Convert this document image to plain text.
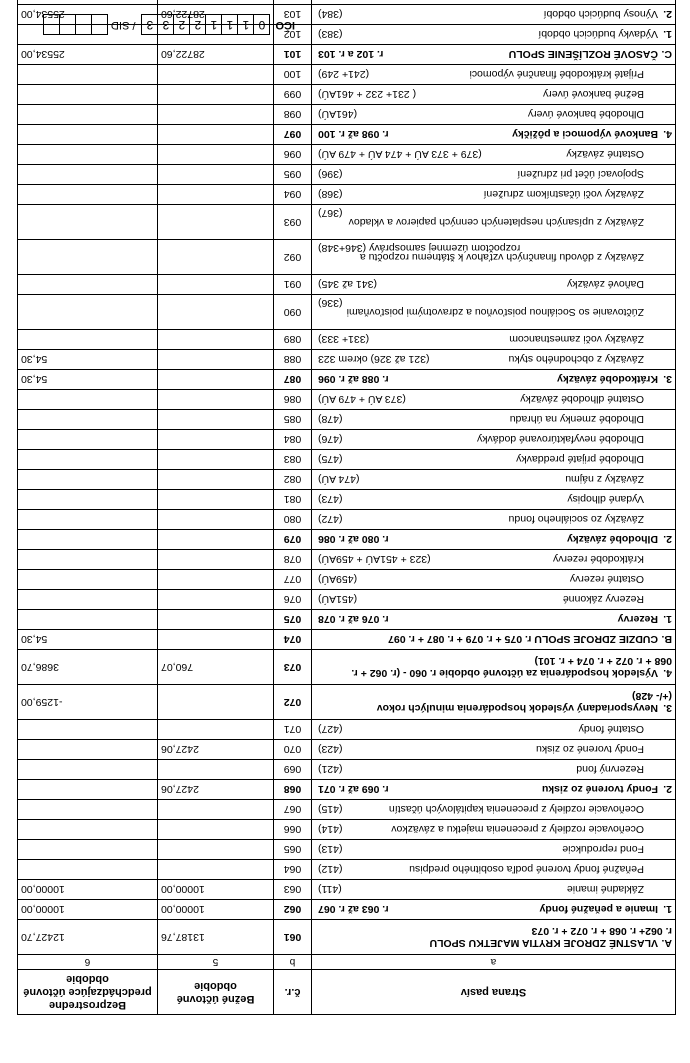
Strana pasív	č.r.	Bežné účtovné obdobie	Bezprostredne predchádzajúce účtovné obdobie
a	b	5	6
A.VLASTNÉ ZDROJE KRYTIA MAJETKU SPOLU
r. 062+ r. 068 + r. 072 + r. 073	061	13187,76	12427,70
1.Imanie a peňažné fondy
r. 063 až r. 067	062	10000,00	10000,00
Základné imanie
(411)	063	10000,00	10000,00
Peňažné fondy tvorené podľa osobitného predpisu
(412)	064		
Fond reprodukcie
(413)	065		
Oceňovacie rozdiely z precenenia majetku a záväzkov
(414)	066		
Oceňovacie rozdiely z precenenia kapitálových účastín
(415)	067		
2.Fondy tvorené zo zisku
r. 069 až r. 071	068	2427,06	
Rezervný fond
(421)	069		
Fondy tvorené zo zisku
(423)	070	2427,06	
Ostatné fondy
(427)	071		
3.Nevysporiadaný výsledok hospodárenia minulých rokov
(+/- 428)	072		-1259,00
4.Výsledok hospodárenia za účtovné obdobie r. 060 - (r. 062 + r.
068 + r. 072 + r. 074 + r. 101)	073	760,07	3686,70
B.CUDZIE ZDROJE SPOLU r. 075 + r. 079 + r. 087 + r. 097	074		54,30
1.Rezervy
r. 076 až r. 078	075		
Rezervy zákonné
(451AÚ)	076		
Ostatné rezervy
(459AÚ)	077		
Krátkodobé rezervy
(323 + 451AÚ + 459AÚ)	078		
2.Dlhodobé záväzky
r. 080 až r. 086	079		
Záväzky zo sociálneho fondu
(472)	080		
Vydané dlhopisy
(473)	081		
Záväzky z nájmu
(474 AÚ)	082		
Dlhodobé prijaté preddavky
(475)	083		
Dlhodobé nevyfaktúrované dodávky
(476)	084		
Dlhodobé zmenky na úhradu
(478)	085		
Ostatné dlhodobé záväzky
(373 AÚ + 479 AÚ)	086		
3.Krátkodobé záväzky
r. 088 až r. 096	087		54,30
Záväzky z obchodného styku
(321 až 326) okrem 323	088		54,30
Záväzky voči zamestnancom
(331+ 333)	089		
Zúčtovanie so Sociálnou poisťovňou a zdravotnými poisťovňami

(336)	090		
Daňové záväzky
(341 až 345)	091		
Záväzky z dôvodu finančných vzťahov k štátnemu rozpočtu a

rozpočtom územnej samosprávy (346+348)	092		
Záväzky z upísaných nesplatených cenných papierov a vkladov

(367)	093		
Záväzky voči účastníkom združení
(368)	094		
Spojovací účet pri združení
(396)	095		
Ostatné záväzky
(379 + 373 AÚ + 474 AÚ + 479 AÚ)	096		
4.Bankové výpomoci a pôžičky
r. 098 až r. 100	097		
Dlhodobé bankové úvery
(461AÚ)	098		
Bežné bankové úvery
( 231+ 232 + 461AÚ)	099		
Prijaté krátkodobé finančné výpomoci
(241+ 249)	100		
C.ČASOVÉ ROZLÍŠENIE SPOLU
r. 102 a r. 103	101	28722,60	25534,00
1.Výdavky budúcich období
(383)	102		
2.Výnosy budúcich období
(384)	103	28722,60	25534,00

IČO
0
1
1
1
2
2
3
3
/ SID
